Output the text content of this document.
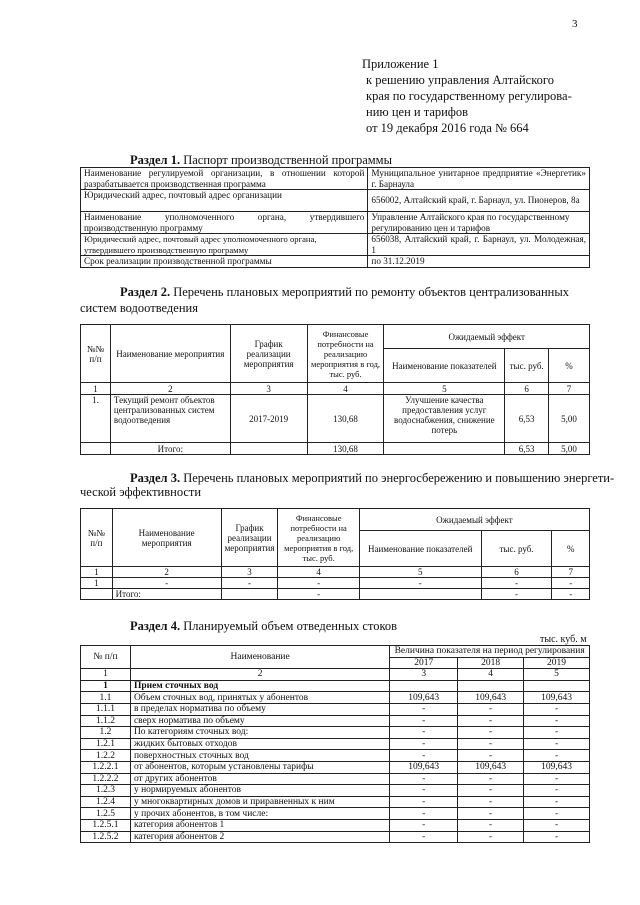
3
Приложение 1
к решению управления Алтайского
края по государственному регулирова-
нию цен и тарифов
от 19 декабря 2016 года № 664
Раздел 1. Паспорт производственной программы
Наименование регулируемой организации, в отношении которой разрабатывается производственная программа	Муниципальное унитарное предприятие «Энергетик» г. Барнаула
Юридический адрес, почтовый адрес организации	656002, Алтайский край, г. Барнаул, ул. Пионеров, 8а
Наименование уполномоченного органа, утвердившего производственную программу	Управление Алтайского края по государственному регулированию цен и тарифов
Юридический адрес, почтовый адрес уполномоченного органа, утвердившего производственную программу	656038, Алтайский край, г. Барнаул, ул. Молодежная, 1
Срок реализации производственной программы	по 31.12.2019
Раздел 2. Перечень плановых мероприятий по ремонту объектов централизованных
систем водоотведения
№№ п/п	Наименование мероприятия	График реализации мероприятия	Финансовые потребности на реализацию мероприятия в год, тыс. руб.	Ожидаемый эффект		
				Наименование показателей	тыс. руб.	%
1	2	3	4	5	6	7
1.	Текущий ремонт объектов централизованных систем водоотведения	2017-2019	130,68	Улучшение качества предоставления услуг водоснабжения, снижение потерь	6,53	5,00
	Итого:		130,68		6,53	5,00
Раздел 3. Перечень плановых мероприятий по энергосбережению и повышению энергети-
ческой эффективности
№№ п/п	Наименование мероприятия	График реализации мероприятия	Финансовые потребности на реализацию мероприятия в год, тыс. руб.	Ожидаемый эффект		
				Наименование показателей	тыс. руб.	%
1	2	3	4	5	6	7
1	-	-	-	-	-	-
	Итого:		-		-	-
Раздел 4. Планируемый объем отведенных стоков
тыс. куб. м
№ п/п	Наименование	Величина показателя на период регулирования		
		2017	2018	2019
1	2	3	4	5
1	Прием сточных вод			
1.1	Объем сточных вод, принятых у абонентов	109,643	109,643	109,643
1.1.1	в пределах норматива по объему	-	-	-
1.1.2	сверх норматива по объему	-	-	-
1.2	По категориям сточных вод:	-	-	-
1.2.1	жидких бытовых отходов	-	-	-
1.2.2	поверхностных сточных вод	-	-	-
1.2.2.1	от абонентов, которым установлены тарифы	109,643	109,643	109,643
1.2.2.2	от других абонентов	-	-	-
1.2.3	у нормируемых абонентов	-	-	-
1.2.4	у многоквартирных домов и приравненных к ним	-	-	-
1.2.5	у прочих абонентов, в том числе:	-	-	-
1.2.5.1	категория абонентов 1	-	-	-
1.2.5.2	категория абонентов 2	-	-	-
